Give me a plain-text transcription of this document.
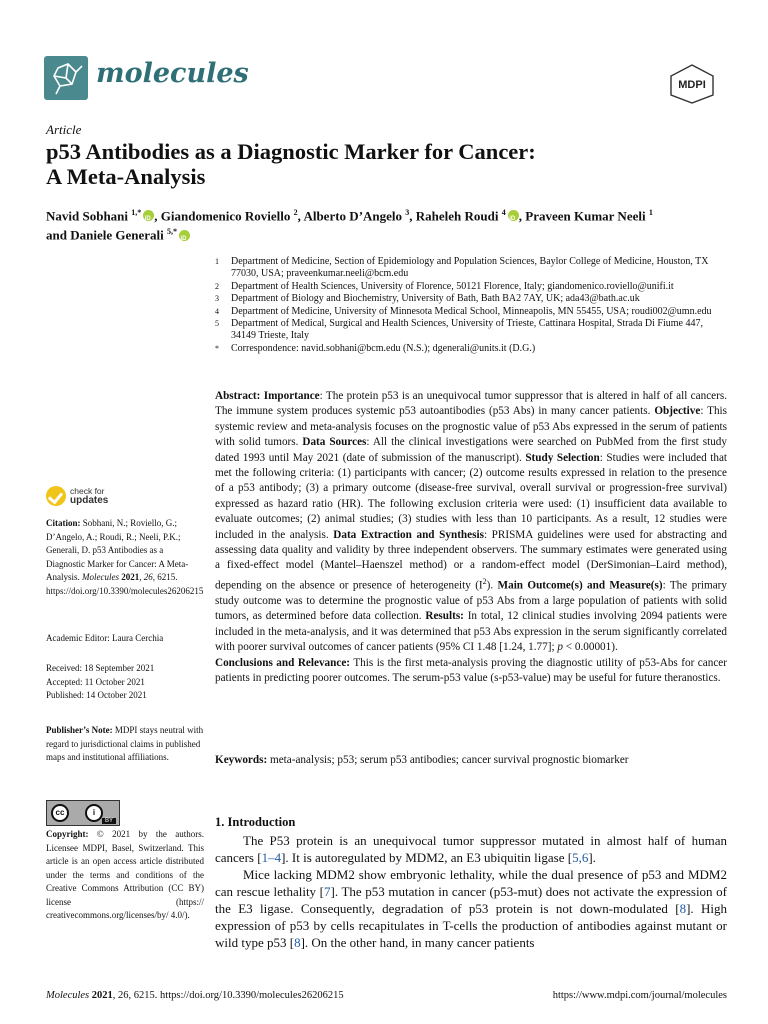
molecules	MDPI
Article
p53 Antibodies as a Diagnostic Marker for Cancer:
A Meta-Analysis
Navid Sobhani $^{1,*}$ iD , Giandomenico Roviello $^2$, Alberto D’Angelo $^3$, Raheleh Roudi $^4$ iD , Praveen Kumar Neeli $^1$
and Daniele Generali $^{5,*}$iD
1	Department of Medicine, Section of Epidemiology and Population Sciences, Baylor College of Medicine, Houston, TX 77030, USA; praveenkumar.neeli@bcm.edu
2	Department of Health Sciences, University of Florence, 50121 Florence, Italy; giandomenico.roviello@unifi.it
3	Department of Biology and Biochemistry, University of Bath, Bath BA2 7AY, UK; ada43@bath.ac.uk
4	Department of Medicine, University of Minnesota Medical School, Minneapolis, MN 55455, USA; roudi002@umn.edu
5	Department of Medical, Surgical and Health Sciences, University of Trieste, Cattinara Hospital, Strada Di Fiume 447, 34149 Trieste, Italy
*	Correspondence: navid.sobhani@bcm.edu (N.S.); dgenerali@units.it (D.G.)
Abstract: Importance: The protein p53 is an unequivocal tumor suppressor that is altered in half of all cancers. The immune system produces systemic p53 autoantibodies (p53 Abs) in many cancer patients. Objective: This systemic review and meta-analysis focuses on the prognostic value of p53 Abs expressed in the serum of patients with solid tumors. Data Sources: All the clinical investigations were searched on PubMed from the first study dated 1993 until May 2021 (date of submission of the manuscript). Study Selection: Studies were included that met the following criteria: (1) participants with cancer; (2) outcome results expressed in relation to the presence of a p53 antibody; (3) a primary outcome (disease-free survival, overall survival or progression-free survival) expressed as hazard ratio (HR). The following exclusion criteria were used: (1) insufficient data available to evaluate outcomes; (2) animal studies; (3) studies with less than 10 participants. As a result, 12 studies were included in the analysis. Data Extraction and Synthesis: PRISMA guidelines were used for abstracting and assessing data quality and validity by three independent observers. The summary estimates were generated using a fixed-effect model (Mantel–Haenszel method) or a random-effect model (DerSimonian–Laird method), depending on the absence or presence of heterogeneity $(I^2)$. Main Outcome(s) and Measure(s): The primary study outcome was to determine the prognostic value of p53 Abs from a large population of patients with solid tumors, as determined before data collection. Results: In total, 12 clinical studies involving 2094 patients were included in the meta-analysis, and it was determined that p53 Abs expression in the serum significantly correlated with poorer survival outcomes of cancer patients (95% CI 1.48 [1.24, 1.77]; p < 0.00001).
Conclusions and Relevance: This is the first meta-analysis proving the diagnostic utility of p53-Abs for cancer patients in predicting poorer outcomes. The serum-p53 value (s-p53-value) may be useful for future theranostics.
Keywords: meta-analysis; p53; serum p53 antibodies; cancer survival prognostic biomarker
check for
updates
Citation: Sobhani, N.; Roviello, G.; D’Angelo, A.; Roudi, R.; Neeli, P.K.; Generali, D. p53 Antibodies as a Diagnostic Marker for Cancer: A Meta-Analysis. Molecules 2021, 26, 6215. https://doi.org/10.3390/molecules26206215
Academic Editor: Laura Cerchia
Received: 18 September 2021
Accepted: 11 October 2021
Published: 14 October 2021
Publisher’s Note: MDPI stays neutral with regard to jurisdictional claims in published maps and institutional affiliations.
cc	i
BY
Copyright: © 2021 by the authors. Licensee MDPI, Basel, Switzerland. This article is an open access article distributed under the terms and conditions of the Creative Commons Attribution (CC BY) license (https:// creativecommons.org/licenses/by/ 4.0/).
1. Introduction

The P53 protein is an unequivocal tumor suppressor mutated in almost half of human cancers [1–4]. It is autoregulated by MDM2, an E3 ubiquitin ligase [5,6].

Mice lacking MDM2 show embryonic lethality, while the dual presence of p53 and MDM2 can rescue lethality [7]. The p53 mutation in cancer (p53-mut) does not activate the expression of the E3 ligase. Consequently, degradation of p53 protein is not down-modulated [8]. High expression of p53 by cells recapitulates in T-cells the production of antibodies against mutant or wild type p53 [8]. On the other hand, in many cancer patients

Molecules 2021, 26, 6215. https://doi.org/10.3390/molecules26206215	https://www.mdpi.com/journal/molecules
